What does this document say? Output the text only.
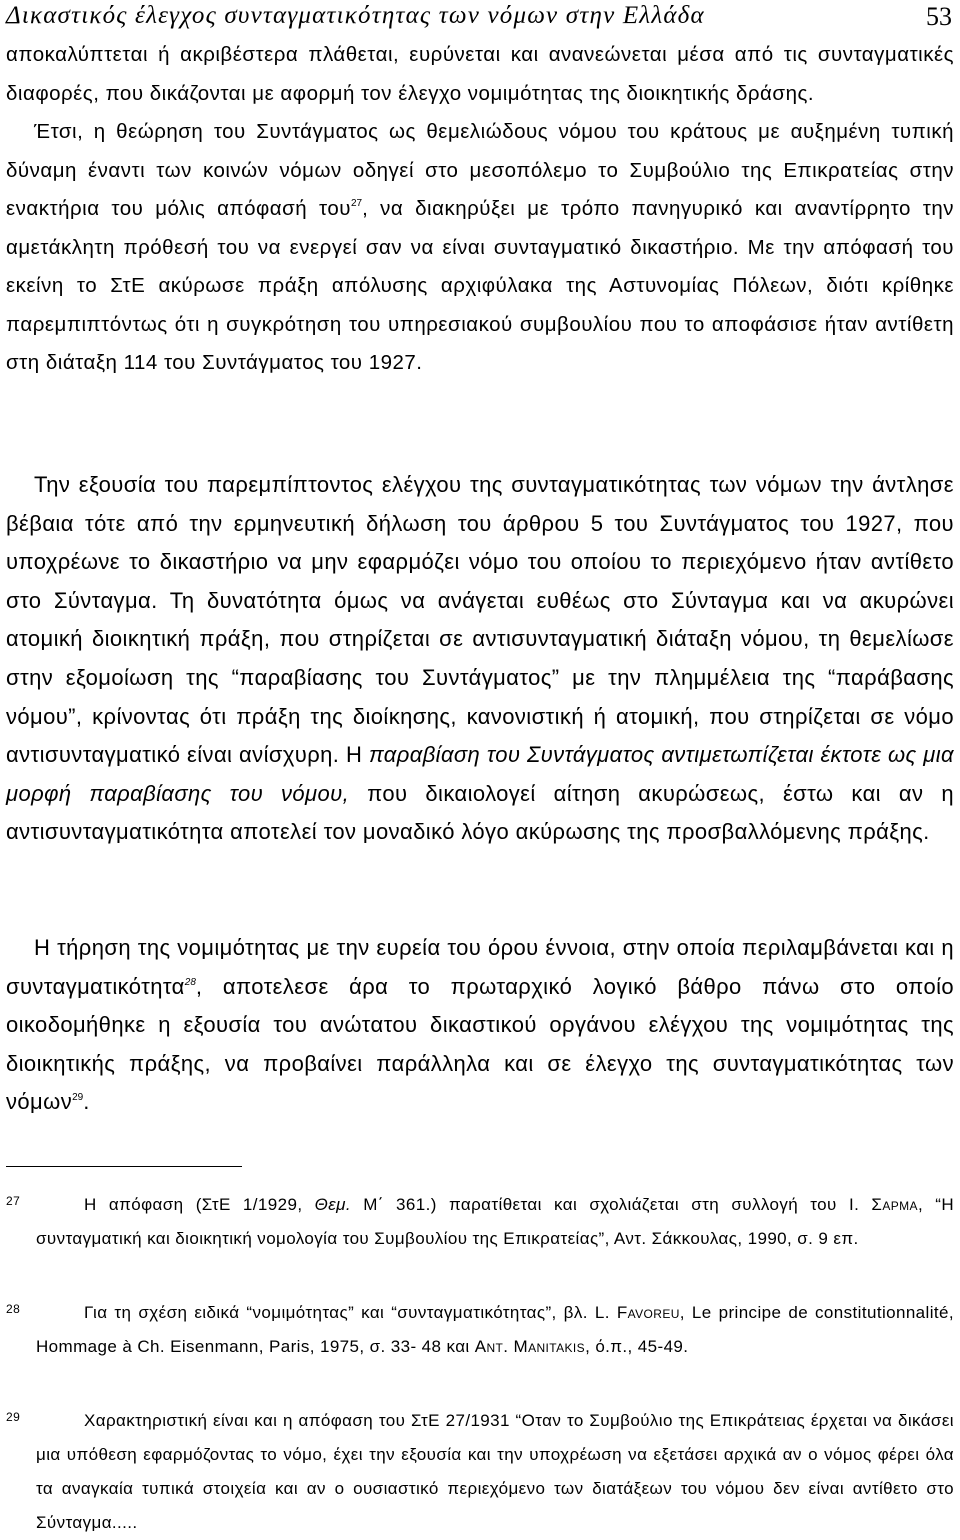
Δικαστικός έλεγχος συνταγματικότητας των νόμων στην Ελλάδα	53

αποκαλύπτεται ή ακριβέστερα πλάθεται, ευρύνεται και ανανεώνεται μέσα από τις συνταγματικές διαφορές, που δικάζονται με αφορμή τον έλεγχο νομιμότητας της διοικητικής δράσης.

Έτσι, η θεώρηση του Συντάγματος ως θεμελιώδους νόμου του κράτους με αυξημένη τυπική δύναμη έναντι των κοινών νόμων οδηγεί στο μεσοπόλεμο το Συμβούλιο της Επικρατείας στην ενακτήρια του μόλις απόφασή του$^{27}$, να διακηρύξει με τρόπο πανηγυρικό και αναντίρρητο την αμετάκλητη πρόθεσή του να ενεργεί σαν να είναι συνταγματικό δικαστήριο. Με την απόφασή του εκείνη το ΣτΕ ακύρωσε πράξη απόλυσης αρχιφύλακα της Αστυνομίας Πόλεων, διότι κρίθηκε παρεμπιπτόντως ότι η συγκρότηση του υπηρεσιακού συμβουλίου που το αποφάσισε ήταν αντίθετη στη διάταξη 114 του Συντάγματος του 1927.

Την εξουσία του παρεμπίπτοντος ελέγχου της συνταγματικότητας των νόμων την άντλησε βέβαια τότε από την ερμηνευτική δήλωση του άρθρου 5 του Συντάγματος του 1927, που υποχρέωνε το δικαστήριο να μην εφαρμόζει νόμο του οποίου το περιεχόμενο ήταν αντίθετο στο Σύνταγμα. Τη δυνατότητα όμως να ανάγεται ευθέως στο Σύνταγμα και να ακυρώνει ατομική διοικητική πράξη, που στηρίζεται σε αντισυνταγματική διάταξη νόμου, τη θεμελίωσε στην εξομοίωση της “παραβίασης του Συντάγματος” με την πλημμέλεια της “παράβασης νόμου”, κρίνοντας ότι πράξη της διοίκησης, κανονιστική ή ατομική, που στηρίζεται σε νόμο αντισυνταγματικό είναι ανίσχυρη. Η παραβίαση του Συντάγματος αντιμετωπίζεται έκτοτε ως μια μορφή παραβίασης του νόμου, που δικαιολογεί αίτηση ακυρώσεως, έστω και αν η αντισυνταγματικότητα αποτελεί τον μοναδικό λόγο ακύρωσης της προσβαλλόμενης πράξης.

Η τήρηση της νομιμότητας με την ευρεία του όρου έννοια, στην οποία περιλαμβάνεται και η συνταγματικότητα$^{28}$, αποτελεσε άρα το πρωταρχικό λογικό βάθρο πάνω στο οποίο οικοδομήθηκε η εξουσία του ανώτατου δικαστικού οργάνου ελέγχου της νομιμότητας της διοικητικής πράξης, να προβαίνει παράλληλα και σε έλεγχο της συνταγματικότητας των νόμων$^{29}$.

27	Η απόφαση (ΣτΕ 1/1929, Θεμ. Μ΄ 361.) παρατίθεται και σχολιάζεται στη συλλογή του Ι. Σαρμα, “Η συνταγματική και διοικητική νομολογία του Συμβουλίου της Επικρατείας”, Αντ. Σάκκουλας, 1990, σ. 9 επ.
28	Για τη σχέση ειδικά “νομιμότητας” και “συνταγματικότητας”, βλ. L. Favoreu, Le principe de constitutionnalité, Hommage à Ch. Eisenmann, Paris, 1975, σ. 33- 48 και Αντ. Manitakis, ό.π., 45-49.
29	Χαρακτηριστική είναι και η απόφαση του ΣτΕ 27/1931 “Οταν το Συμβούλιο της Επικράτειας έρχεται να δικάσει μια υπόθεση εφαρμόζοντας το νόμο, έχει την εξουσία και την υποχρέωση να εξετάσει αρχικά αν ο νόμος φέρει όλα τα αναγκαία τυπικά στοιχεία και αν ο ουσιαστικό περιεχόμενο των διατάξεων του νόμου δεν είναι αντίθετο στο Σύνταγμα.....
